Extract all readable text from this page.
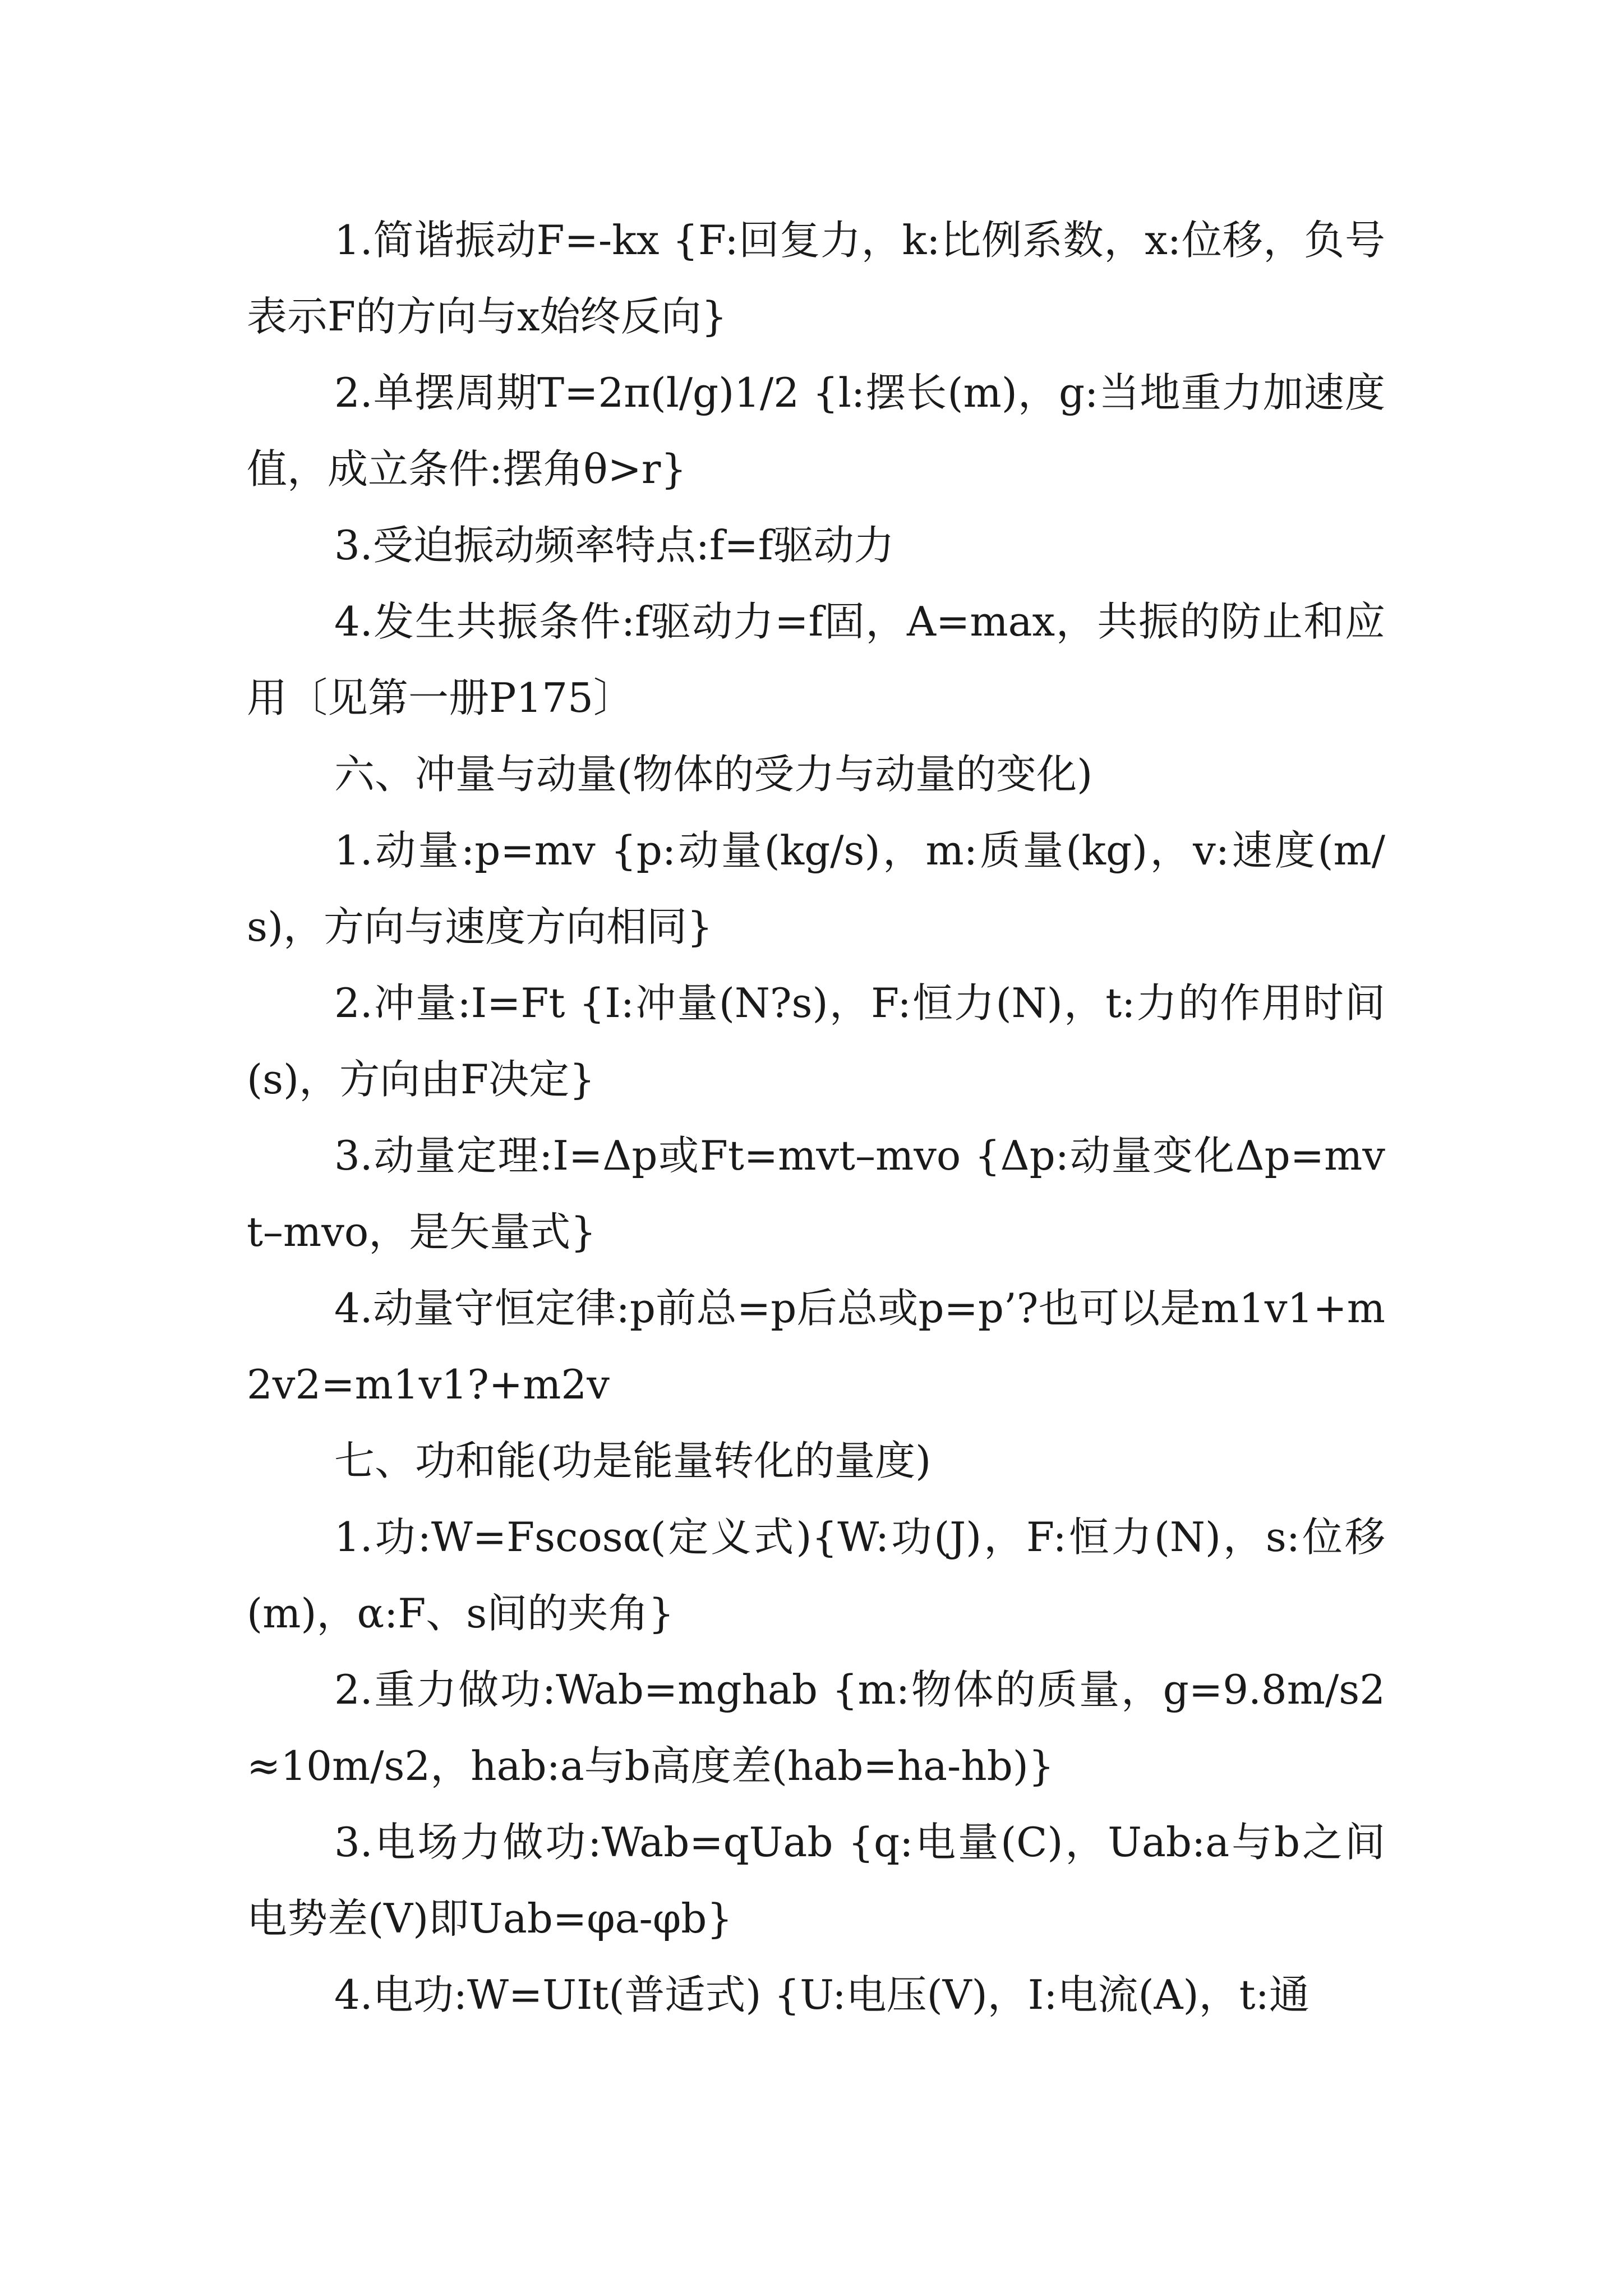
1.简谐振动F=-kx {F:回复力，k:比例系数，x:位移，负号表示F的方向与x始终反向}

2.单摆周期T=2π(l/g)1/2 {l:摆长(m)，g:当地重力加速度值，成立条件:摆角θ>r}

3.受迫振动频率特点:f=f驱动力

4.发生共振条件:f驱动力=f固，A=max，共振的防止和应用〔见第一册P175〕

六、冲量与动量(物体的受力与动量的变化)

1.动量:p=mv {p:动量(kg/s)，m:质量(kg)，v:速度(m/s)，方向与速度方向相同}

2.冲量:I=Ft {I:冲量(N?s)，F:恒力(N)，t:力的作用时间(s)，方向由F决定}

3.动量定理:I=Δp或Ft=mvt–mvo {Δp:动量变化Δp=mvt–mvo，是矢量式}

4.动量守恒定律:p前总=p后总或p=p’?也可以是m1v1+m2v2=m1v1?+m2v

七、功和能(功是能量转化的量度)

1.功:W=Fscosα(定义式){W:功(J)，F:恒力(N)，s:位移(m)，α:F、s间的夹角}

2.重力做功:Wab=mghab {m:物体的质量，g=9.8m/s2≈10m/s2，hab:a与b高度差(hab=ha-hb)}

3.电场力做功:Wab=qUab {q:电量(C)，Uab:a与b之间电势差(V)即Uab=φa-φb}

4.电功:W=UIt(普适式) {U:电压(V)，I:电流(A)，t:通
